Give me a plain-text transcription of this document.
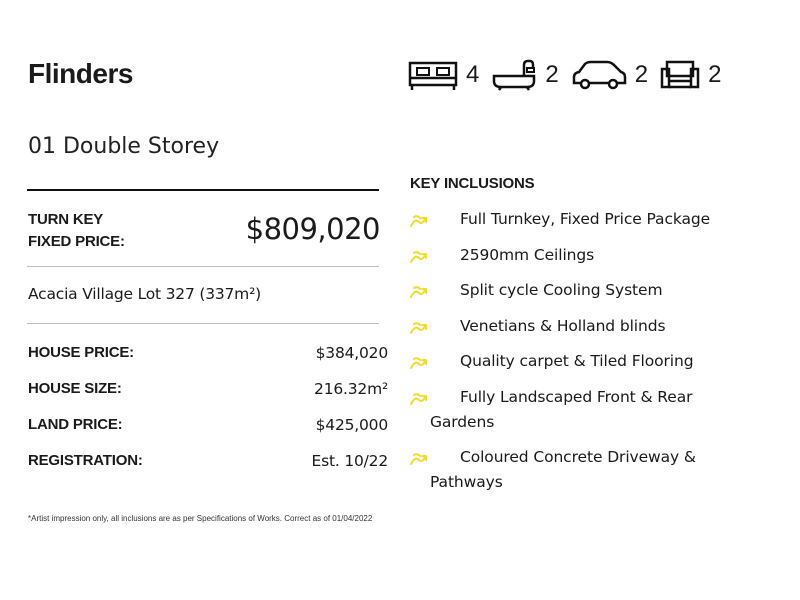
Flinders	4	2	2	2
01 Double Storey
TURN KEY
FIXED PRICE:	$809,020
Acacia Village Lot 327 (337m²)
HOUSE PRICE:	$384,020
HOUSE SIZE:	216.32m²
LAND PRICE:	$425,000
REGISTRATION:	Est. 10/22
KEY INCLUSIONS
Full Turnkey, Fixed Price Package
2590mm Ceilings
Split cycle Cooling System
Venetians & Holland blinds
Quality carpet & Tiled Flooring
Fully Landscaped Front & Rear Gardens
Coloured Concrete Driveway & Pathways
*Artist impression only, all inclusions are as per Specifications of Works. Correct as of 01/04/2022
